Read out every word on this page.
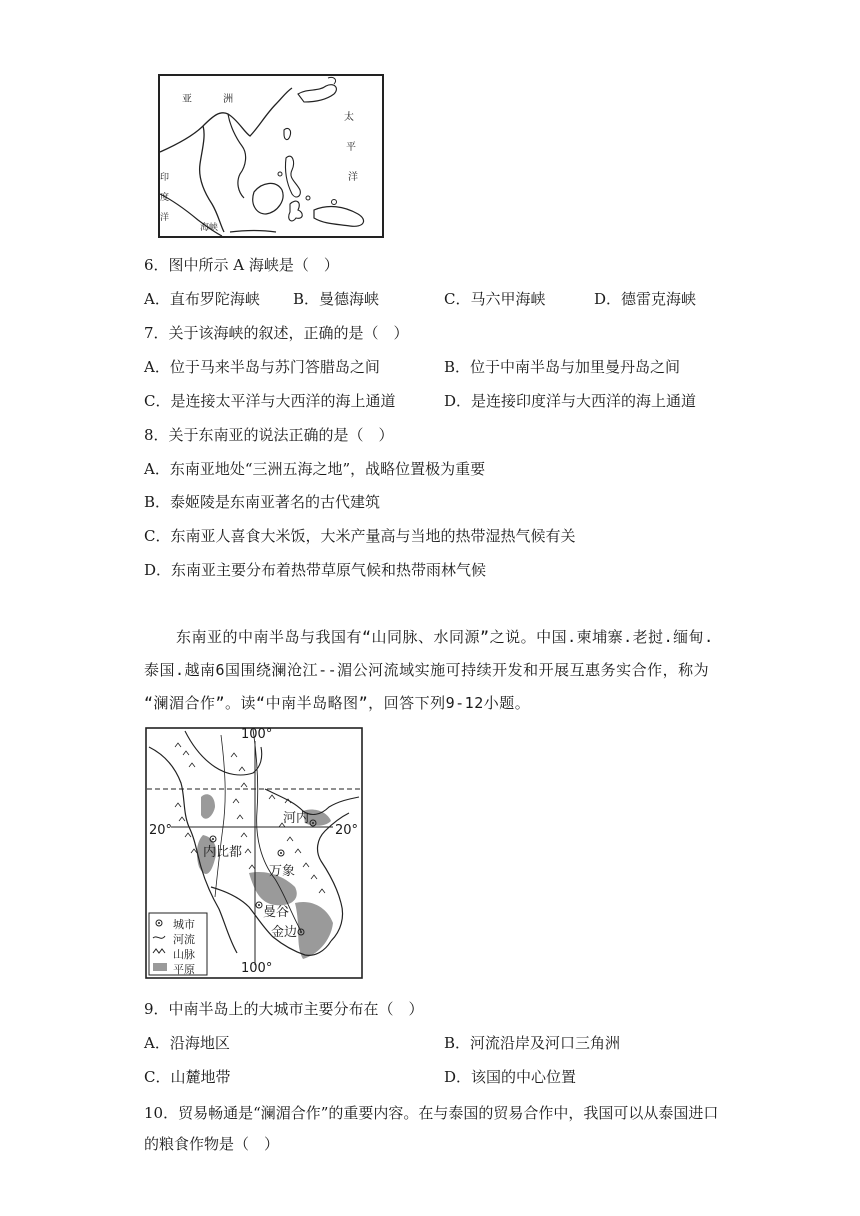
亚 洲
太
平
洋
印
度
洋
海峡
6．图中所示 A 海峡是（　）
A．直布罗陀海峡 B．曼德海峡	C．马六甲海峡	D．德雷克海峡
7．关于该海峡的叙述，正确的是（　）
A．位于马来半岛与苏门答腊岛之间	B．位于中南半岛与加里曼丹岛之间
C．是连接太平洋与大西洋的海上通道	D．是连接印度洋与大西洋的海上通道
8．关于东南亚的说法正确的是（　）
A．东南亚地处“三洲五海之地”，战略位置极为重要
B．泰姬陵是东南亚著名的古代建筑
C．东南亚人喜食大米饭，大米产量高与当地的热带湿热气候有关
D．东南亚主要分布着热带草原气候和热带雨林气候
东南亚的中南半岛与我国有“山同脉、水同源”之说。中国.柬埔寨.老挝.缅甸.
泰国.越南6国围绕澜沧江--湄公河流域实施可持续开发和开展互惠务实合作，称为
“澜湄合作”。读“中南半岛略图”，回答下列9-12小题。
100°
100°
20°	20°
河内
内比都
万象
曼谷
金边
城市
河流
山脉
平原
9．中南半岛上的大城市主要分布在（　）
A．沿海地区	B．河流沿岸及河口三角洲
C．山麓地带	D．该国的中心位置
10．贸易畅通是“澜湄合作”的重要内容。在与泰国的贸易合作中，我国可以从泰国进口
的粮食作物是（　）
